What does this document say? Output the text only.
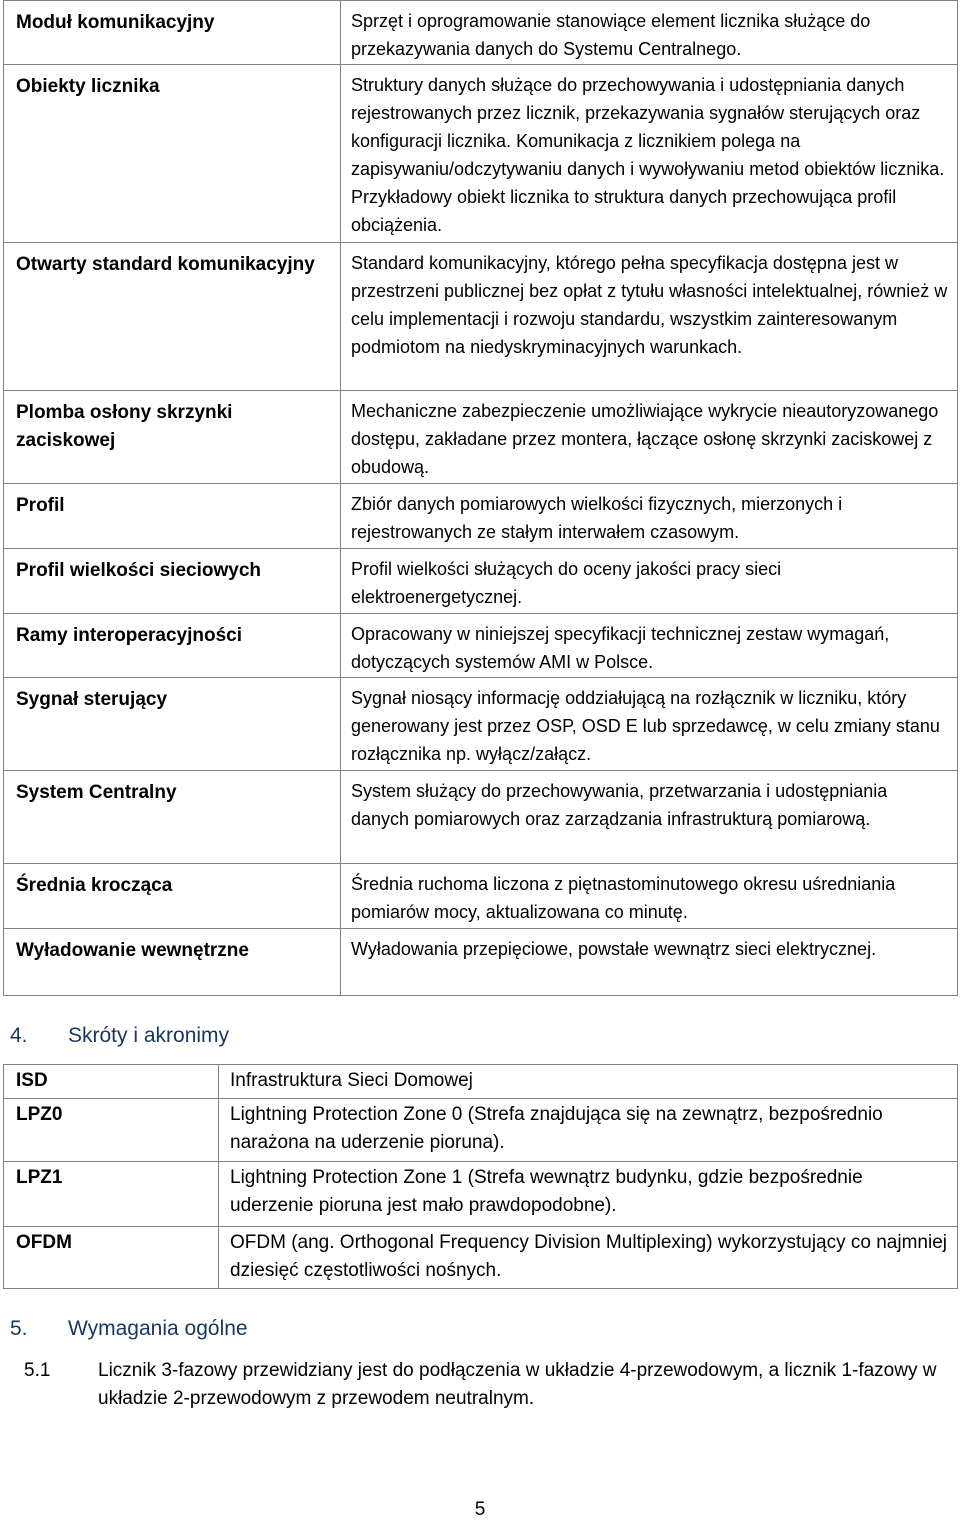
Moduł komunikacyjny	Sprzęt i oprogramowanie stanowiące element licznika służące do przekazywania danych do Systemu Centralnego.
Obiekty licznika	Struktury danych służące do przechowywania i udostępniania danych rejestrowanych przez licznik, przekazywania sygnałów sterujących oraz konfiguracji licznika. Komunikacja z licznikiem polega na zapisywaniu/odczytywaniu danych i wywoływaniu metod obiektów licznika. Przykładowy obiekt licznika to struktura danych przechowująca profil obciążenia.
Otwarty standard komunikacyjny	Standard komunikacyjny, którego pełna specyfikacja dostępna jest w przestrzeni publicznej bez opłat z tytułu własności intelektualnej, również w celu implementacji i rozwoju standardu, wszystkim zainteresowanym podmiotom na niedyskryminacyjnych warunkach.
Plomba osłony skrzynki zaciskowej	Mechaniczne zabezpieczenie umożliwiające wykrycie nieautoryzowanego dostępu, zakładane przez montera, łączące osłonę skrzynki zaciskowej z obudową.
Profil	Zbiór danych pomiarowych wielkości fizycznych, mierzonych i rejestrowanych ze stałym interwałem czasowym.
Profil wielkości sieciowych	Profil wielkości służących do oceny jakości pracy sieci elektroenergetycznej.
Ramy interoperacyjności	Opracowany w niniejszej specyfikacji technicznej zestaw wymagań, dotyczących systemów AMI w Polsce.
Sygnał sterujący	Sygnał niosący informację oddziałującą na rozłącznik w liczniku, który generowany jest przez OSP, OSD E lub sprzedawcę, w celu zmiany stanu rozłącznika np. wyłącz/załącz.
System Centralny	System służący do przechowywania, przetwarzania i udostępniania danych pomiarowych oraz zarządzania infrastrukturą pomiarową.
Średnia krocząca	Średnia ruchoma liczona z piętnastominutowego okresu uśredniania pomiarów mocy, aktualizowana co minutę.
Wyładowanie wewnętrzne	Wyładowania przepięciowe, powstałe wewnątrz sieci elektrycznej.
4. Skróty i akronimy
ISD	Infrastruktura Sieci Domowej
LPZ0	Lightning Protection Zone 0 (Strefa znajdująca się na zewnątrz, bezpośrednio narażona na uderzenie pioruna).
LPZ1	Lightning Protection Zone 1 (Strefa wewnątrz budynku, gdzie bezpośrednie uderzenie pioruna jest mało prawdopodobne).
OFDM	OFDM (ang. Orthogonal Frequency Division Multiplexing) wykorzystujący co najmniej dziesięć częstotliwości nośnych.
5. Wymagania ogólne
5.1	Licznik 3-fazowy przewidziany jest do podłączenia w układzie 4-przewodowym, a licznik 1-fazowy w układzie 2-przewodowym z przewodem neutralnym.
5
